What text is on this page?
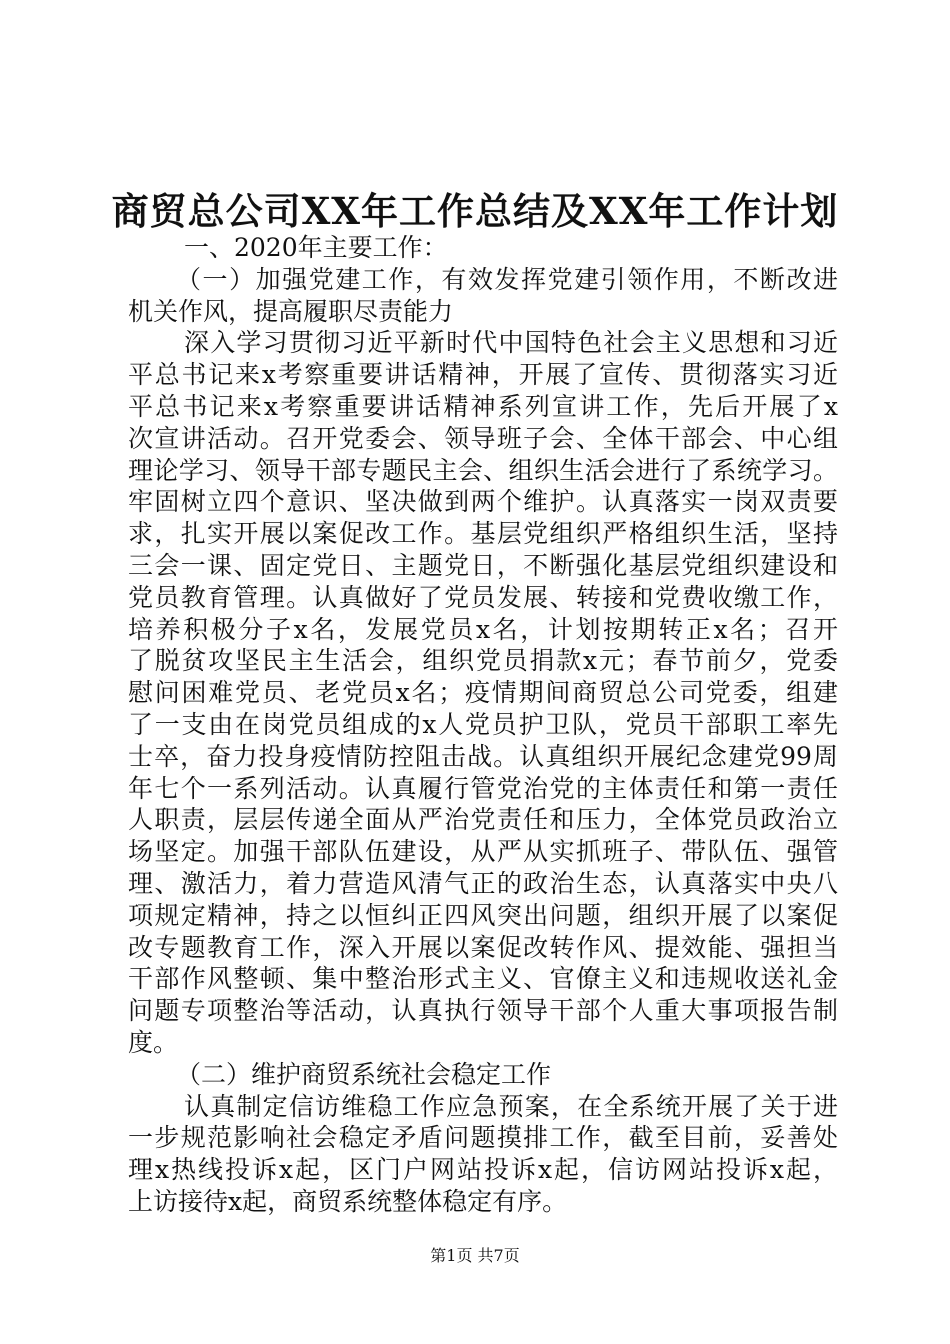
商贸总公司XX年工作总结及XX年工作计划
一、2020年主要工作：
（一）加强党建工作，有效发挥党建引领作用，不断改进
机关作风，提高履职尽责能力
深入学习贯彻习近平新时代中国特色社会主义思想和习近
平总书记来x考察重要讲话精神，开展了宣传、贯彻落实习近
平总书记来x考察重要讲话精神系列宣讲工作，先后开展了x
次宣讲活动。召开党委会、领导班子会、全体干部会、中心组
理论学习、领导干部专题民主会、组织生活会进行了系统学习。
牢固树立四个意识、坚决做到两个维护。认真落实一岗双责要
求，扎实开展以案促改工作。基层党组织严格组织生活，坚持
三会一课、固定党日、主题党日，不断强化基层党组织建设和
党员教育管理。认真做好了党员发展、转接和党费收缴工作，
培养积极分子x名，发展党员x名，计划按期转正x名；召开
了脱贫攻坚民主生活会，组织党员捐款x元；春节前夕，党委
慰问困难党员、老党员x名；疫情期间商贸总公司党委，组建
了一支由在岗党员组成的x人党员护卫队，党员干部职工率先
士卒，奋力投身疫情防控阻击战。认真组织开展纪念建党99周
年七个一系列活动。认真履行管党治党的主体责任和第一责任
人职责，层层传递全面从严治党责任和压力，全体党员政治立
场坚定。加强干部队伍建设，从严从实抓班子、带队伍、强管
理、激活力，着力营造风清气正的政治生态，认真落实中央八
项规定精神，持之以恒纠正四风突出问题，组织开展了以案促
改专题教育工作，深入开展以案促改转作风、提效能、强担当
干部作风整顿、集中整治形式主义、官僚主义和违规收送礼金
问题专项整治等活动，认真执行领导干部个人重大事项报告制
度。
（二）维护商贸系统社会稳定工作
认真制定信访维稳工作应急预案，在全系统开展了关于进
一步规范影响社会稳定矛盾问题摸排工作，截至目前，妥善处
理x热线投诉x起，区门户网站投诉x起，信访网站投诉x起，
上访接待x起，商贸系统整体稳定有序。
第1页 共7页
